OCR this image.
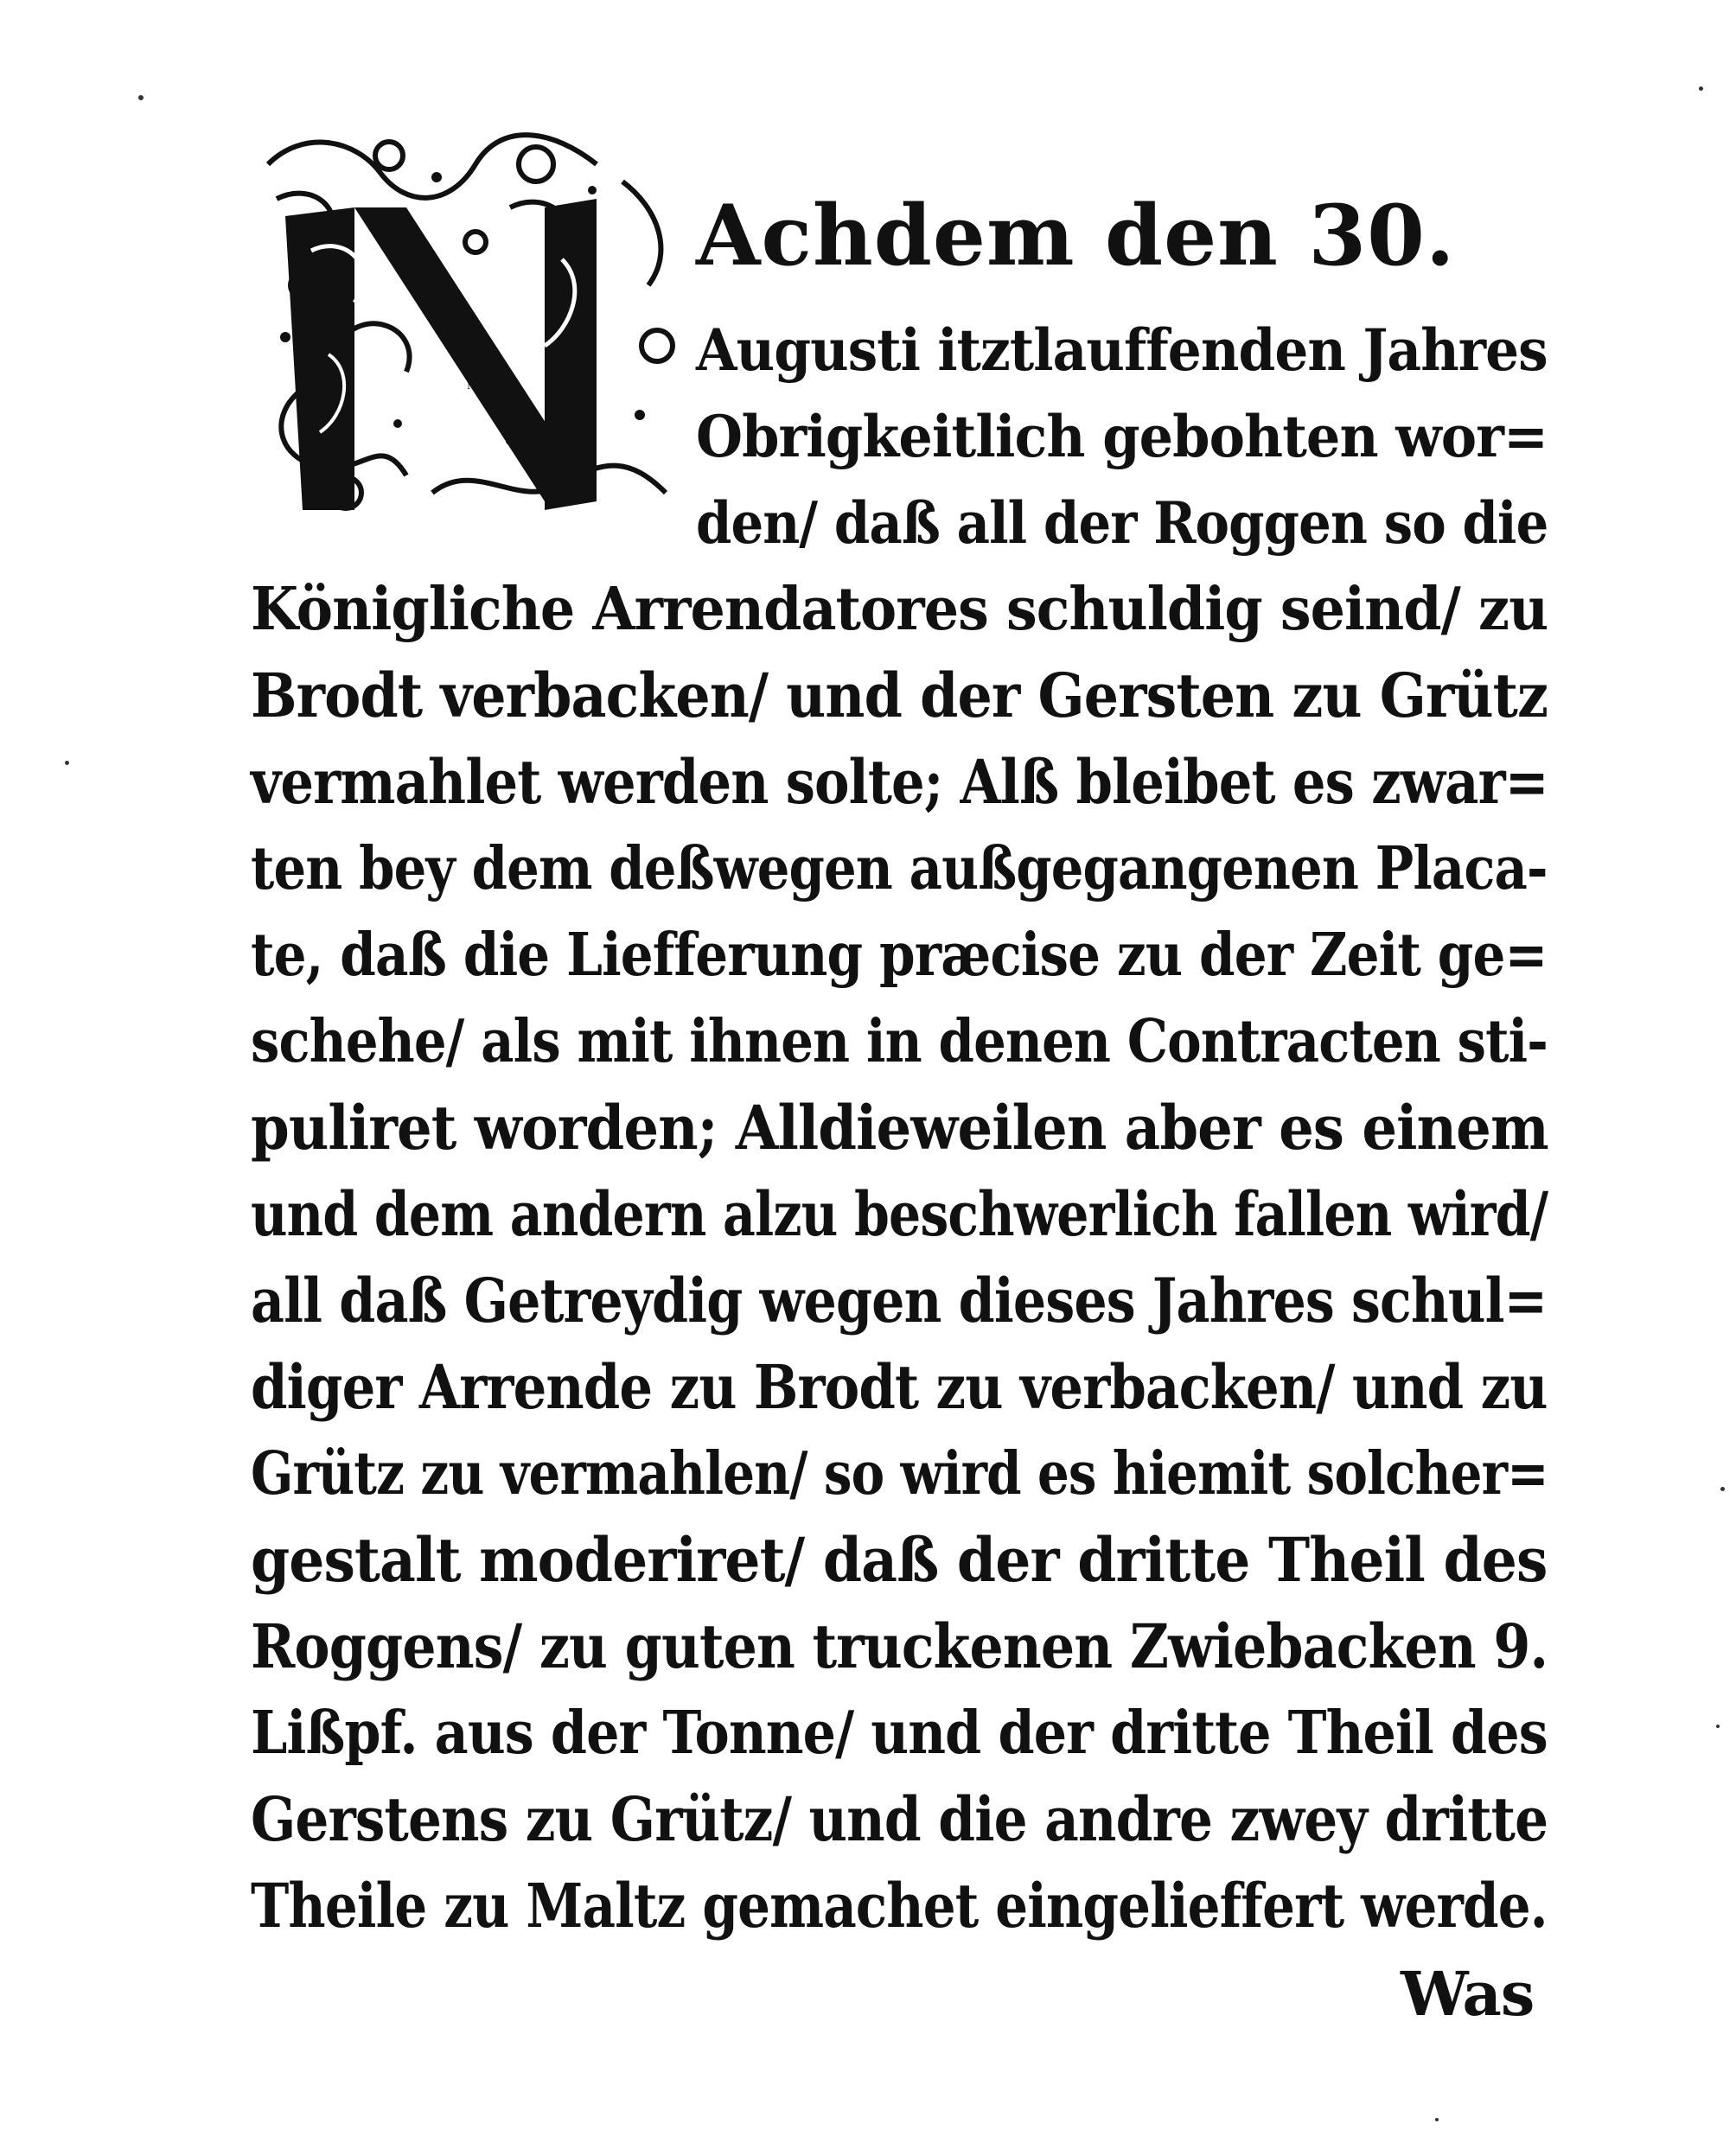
N
Achdem den 30.
Augusti itztlauffenden Jahres
Obrigkeitlich gebohten wor=
den/ daß all der Roggen so die
Königliche Arrendatores schuldig seind/ zu
Brodt verbacken/ und der Gersten zu Grütz
vermahlet werden solte; Alß bleibet es zwar=
ten bey dem deßwegen außgegangenen Placa-
te, daß die Liefferung præcise zu der Zeit ge=
schehe/ als mit ihnen in denen Contracten sti-
puliret worden; Alldieweilen aber es einem
und dem andern alzu beschwerlich fallen wird/
all daß Getreydig wegen dieses Jahres schul=
diger Arrende zu Brodt zu verbacken/ und zu
Grütz zu vermahlen/ so wird es hiemit solcher=
gestalt moderiret/ daß der dritte Theil des
Roggens/ zu guten truckenen Zwiebacken 9.
Lißpf. aus der Tonne/ und der dritte Theil des
Gerstens zu Grütz/ und die andre zwey dritte
Theile zu Maltz gemachet eingelieffert werde.
Was
